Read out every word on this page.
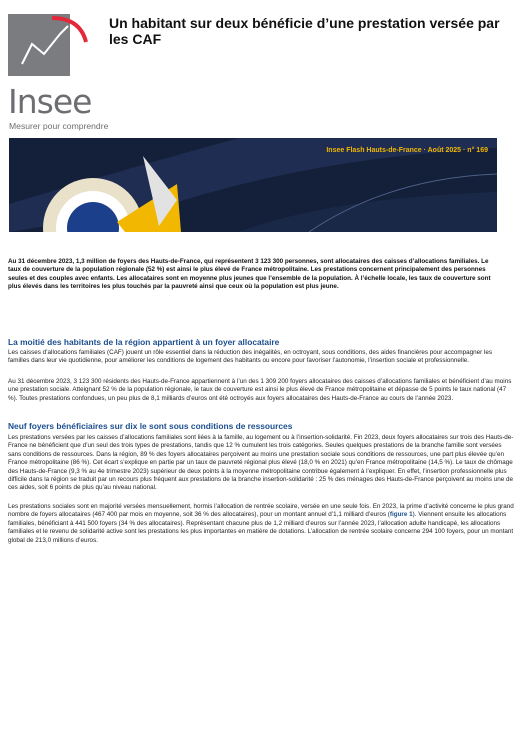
Insee
Mesurer pour comprendre
Un habitant sur deux bénéficie d’une prestation versée par les CAF
Insee Flash Hauts-de-France · Août 2025 · n° 169

Au 31 décembre 2023, 1,3 million de foyers des Hauts-de-France, qui représentent 3 123 300 personnes, sont allocataires des caisses d’allocations familiales. Le taux de couverture de la population régionale (52 %) est ainsi le plus élevé de France métropolitaine. Les prestations concernent principalement des personnes seules et des couples avec enfants. Les allocataires sont en moyenne plus jeunes que l’ensemble de la population. À l’échelle locale, les taux de couverture sont plus élevés dans les territoires les plus touchés par la pauvreté ainsi que ceux où la population est plus jeune.

La moitié des habitants de la région appartient à un foyer allocataire

Les caisses d’allocations familiales (CAF) jouent un rôle essentiel dans la réduction des inégalités, en octroyant, sous conditions, des aides financières pour accompagner les familles dans leur vie quotidienne, pour améliorer les conditions de logement des habitants ou encore pour favoriser l’autonomie, l’insertion sociale et professionnelle.

Au 31 décembre 2023, 3 123 300 résidents des Hauts-de-France appartiennent à l’un des 1 309 200 foyers allocataires des caisses d’allocations familiales et bénéficient d’au moins une prestation sociale. Atteignant 52 % de la population régionale, le taux de couverture est ainsi le plus élevé de France métropolitaine et dépasse de 5 points le taux national (47 %). Toutes prestations confondues, un peu plus de 8,1 milliards d’euros ont été octroyés aux foyers allocataires des Hauts-de-France au cours de l’année 2023.

Neuf foyers bénéficiaires sur dix le sont sous conditions de ressources

Les prestations versées par les caisses d’allocations familiales sont liées à la famille, au logement ou à l’insertion-solidarité. Fin 2023, deux foyers allocataires sur trois des Hauts-de-France ne bénéficient que d’un seul des trois types de prestations, tandis que 12 % cumulent les trois catégories. Seules quelques prestations de la branche famille sont versées sans conditions de ressources. Dans la région, 89 % des foyers allocataires perçoivent au moins une prestation sociale sous conditions de ressources, une part plus élevée qu’en France métropolitaine (86 %). Cet écart s’explique en partie par un taux de pauvreté régional plus élevé (18,0 % en 2021) qu’en France métropolitaine (14,5 %). Le taux de chômage des Hauts-de-France (9,3 % au 4e trimestre 2023) supérieur de deux points à la moyenne métropolitaine contribue également à l’expliquer. En effet, l’insertion professionnelle plus difficile dans la région se traduit par un recours plus fréquent aux prestations de la branche insertion-solidarité : 25 % des ménages des Hauts-de-France perçoivent au moins une de ces aides, soit 6 points de plus qu’au niveau national.

Les prestations sociales sont en majorité versées mensuellement, hormis l’allocation de rentrée scolaire, versée en une seule fois. En 2023, la prime d’activité concerne le plus grand nombre de foyers allocataires (467 400 par mois en moyenne, soit 36 % des allocataires), pour un montant annuel d’1,1 milliard d’euros (figure 1). Viennent ensuite les allocations familiales, bénéficiant à 441 500 foyers (34 % des allocataires). Représentant chacune plus de 1,2 milliard d’euros sur l’année 2023, l’allocation adulte handicapé, les allocations familiales et le revenu de solidarité active sont les prestations les plus importantes en matière de dotations. L’allocation de rentrée scolaire concerne 294 100 foyers, pour un montant global de 213,0 millions d’euros.
